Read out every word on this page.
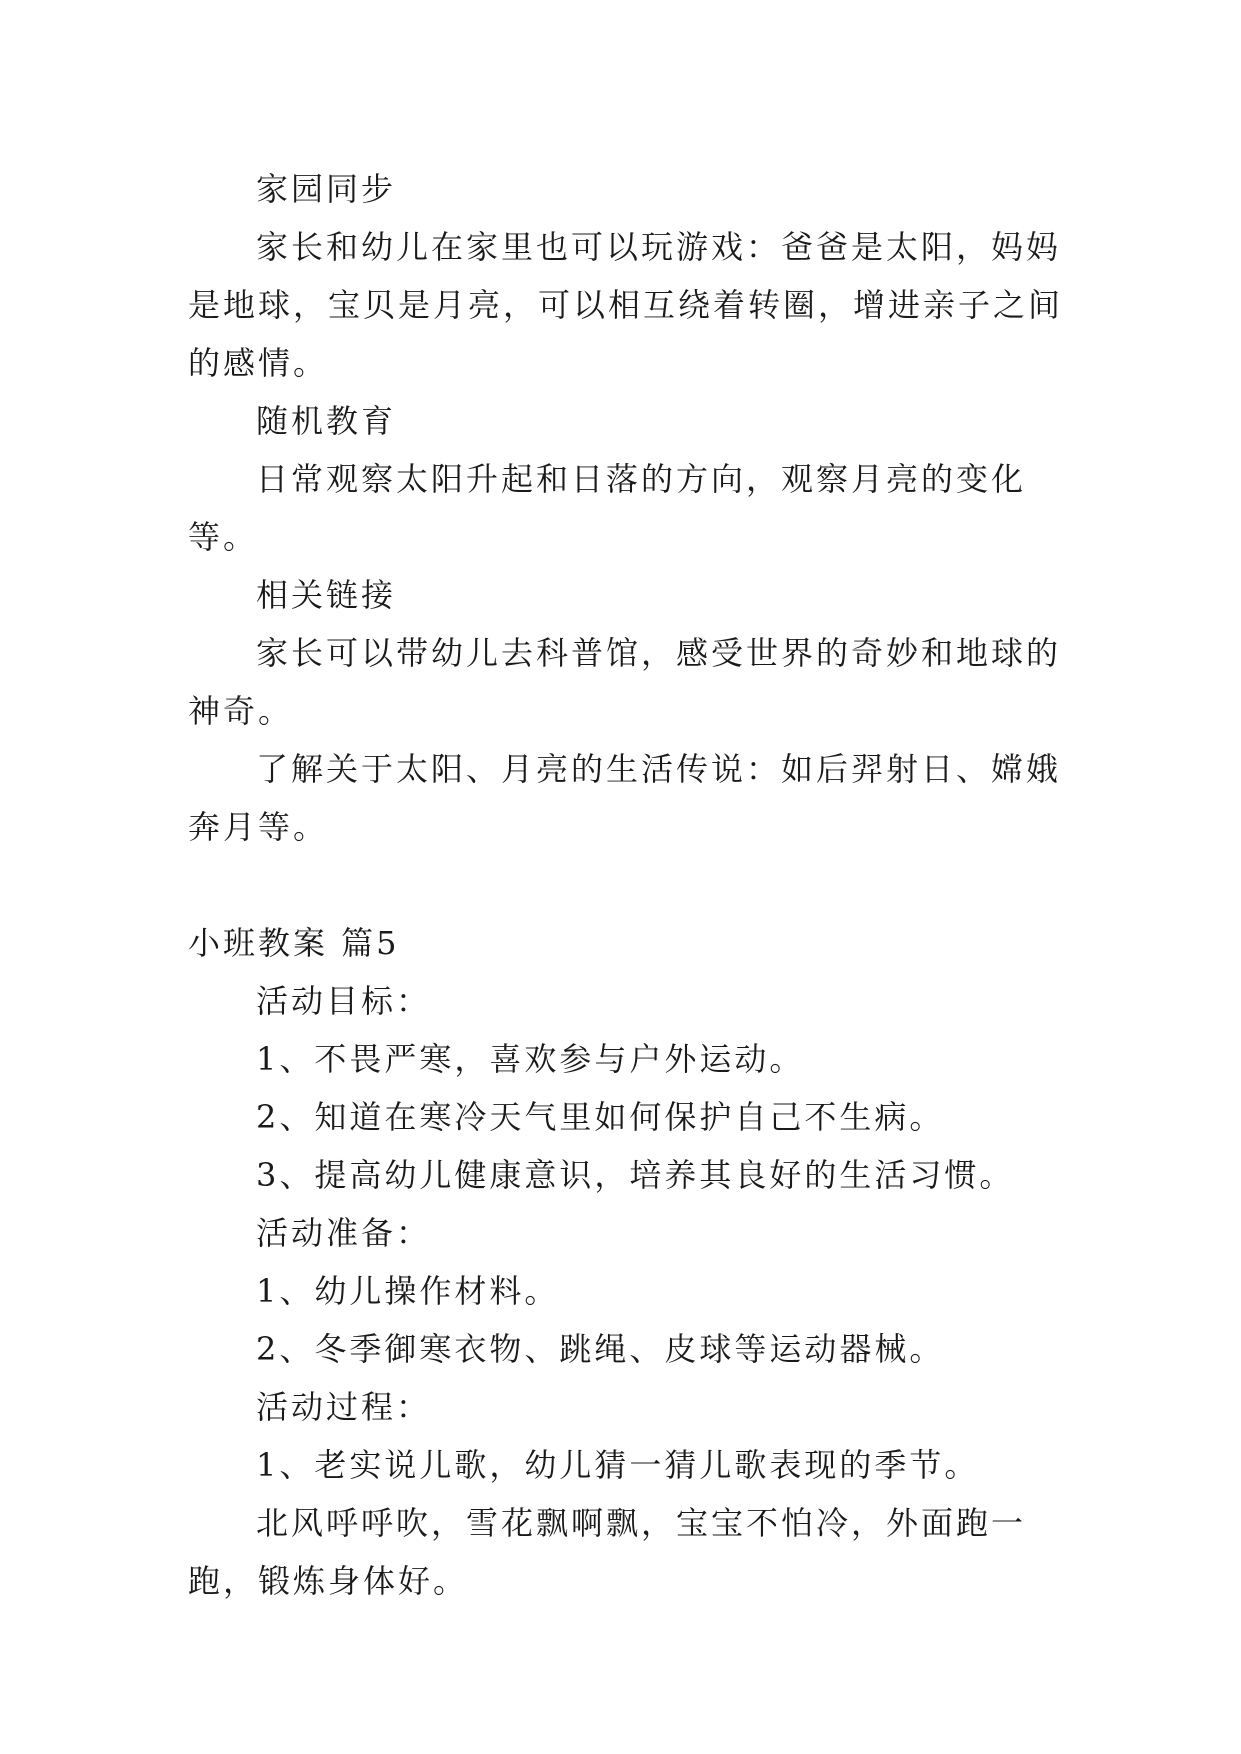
家园同步

家长和幼儿在家里也可以玩游戏：爸爸是太阳，妈妈是地球，宝贝是月亮，可以相互绕着转圈，增进亲子之间的感情。

随机教育

日常观察太阳升起和日落的方向，观察月亮的变化等。

相关链接

家长可以带幼儿去科普馆，感受世界的奇妙和地球的神奇。

了解关于太阳、月亮的生活传说：如后羿射日、嫦娥奔月等。

小班教案 篇5

活动目标：

1、不畏严寒，喜欢参与户外运动。

2、知道在寒冷天气里如何保护自己不生病。

3、提高幼儿健康意识，培养其良好的生活习惯。

活动准备：

1、幼儿操作材料。

2、冬季御寒衣物、跳绳、皮球等运动器械。

活动过程：

1、老实说儿歌，幼儿猜一猜儿歌表现的季节。

北风呼呼吹，雪花飘啊飘，宝宝不怕冷，外面跑一跑，锻炼身体好。
